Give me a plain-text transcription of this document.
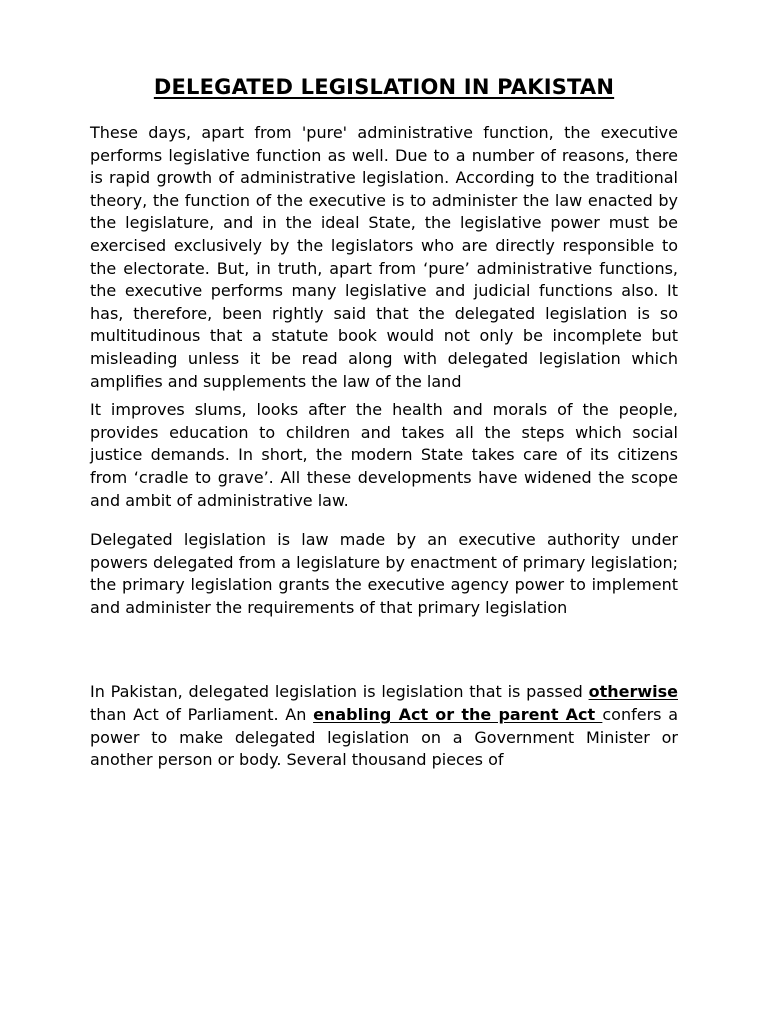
DELEGATED LEGISLATION IN PAKISTAN

These days, apart from 'pure' administrative function, the executive performs legislative function as well. Due to a number of reasons, there is rapid growth of administrative legislation. According to the traditional theory, the function of the executive is to administer the law enacted by the legislature, and in the ideal State, the legislative power must be exercised exclusively by the legislators who are directly responsible to the electorate. But, in truth, apart from ‘pure’ administrative functions, the executive performs many legislative and judicial functions also. It has, therefore, been rightly said that the delegated legislation is so multitudinous that a statute book would not only be incomplete but misleading unless it be read along with delegated legislation which amplifies and supplements the law of the land

It improves slums, looks after the health and morals of the people, provides education to children and takes all the steps which social justice demands. In short, the modern State takes care of its citizens from ‘cradle to grave’. All these developments have widened the scope and ambit of administrative law.

Delegated legislation is law made by an executive authority under powers delegated from a legislature by enactment of primary legislation; the primary legislation grants the executive agency power to implement and administer the requirements of that primary legislation

In Pakistan, delegated legislation is legislation that is passed otherwise than Act of Parliament. An enabling Act or the parent Act confers a power to make delegated legislation on a Government Minister or another person or body. Several thousand pieces of
